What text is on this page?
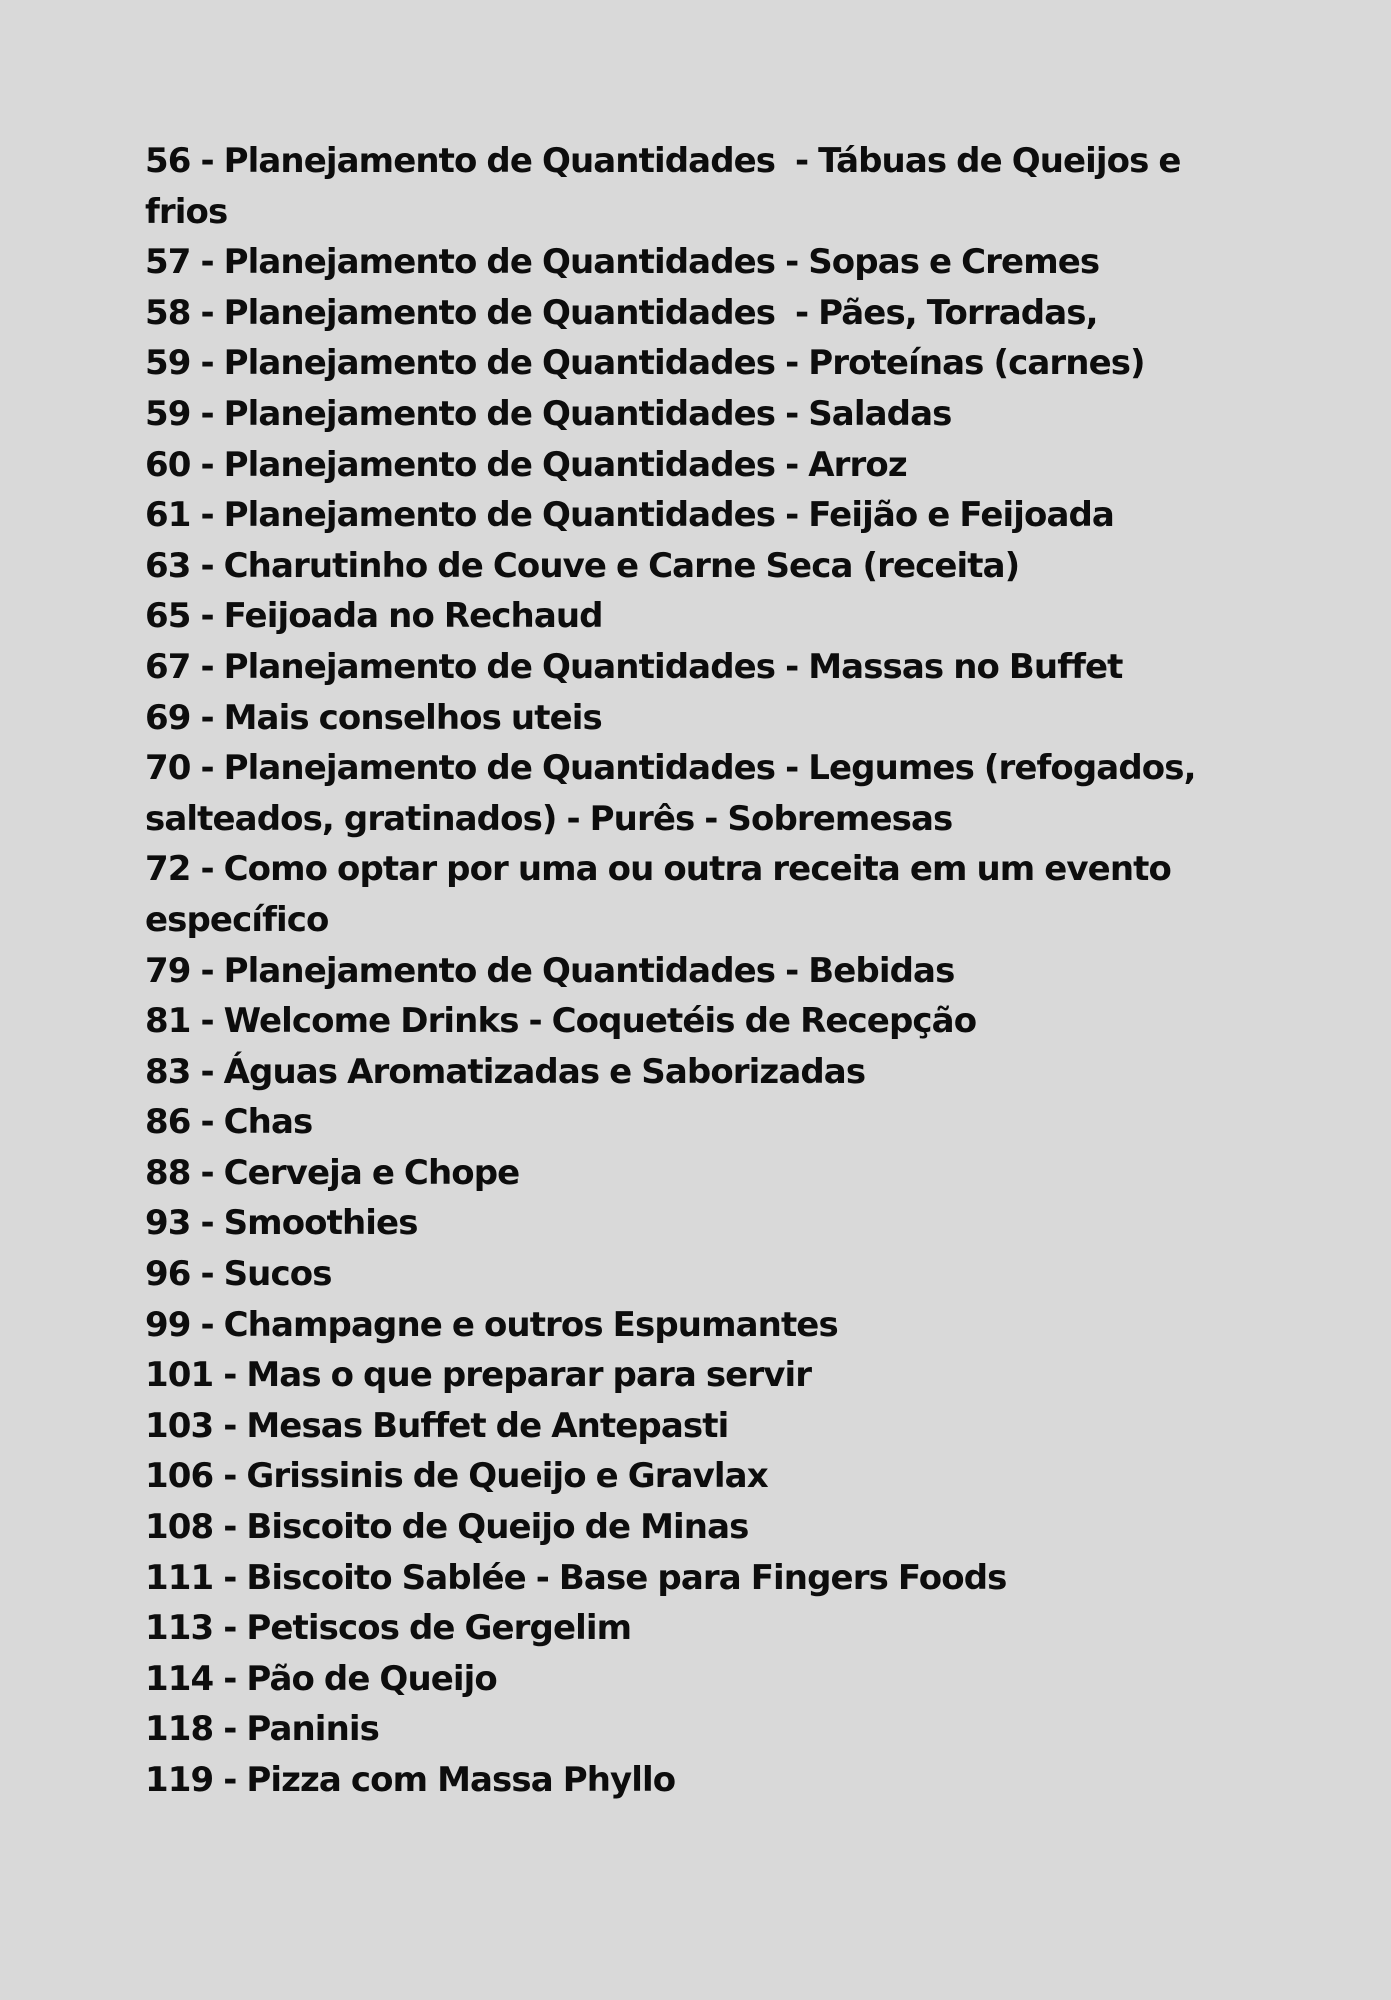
56 - Planejamento de Quantidades  - Tábuas de Queijos e
frios
57 - Planejamento de Quantidades - Sopas e Cremes
58 - Planejamento de Quantidades  - Pães, Torradas,
59 - Planejamento de Quantidades - Proteínas (carnes)
59 - Planejamento de Quantidades - Saladas
60 - Planejamento de Quantidades - Arroz
61 - Planejamento de Quantidades - Feijão e Feijoada
63 - Charutinho de Couve e Carne Seca (receita)
65 - Feijoada no Rechaud
67 - Planejamento de Quantidades - Massas no Buffet
69 - Mais conselhos uteis
70 - Planejamento de Quantidades - Legumes (refogados,
salteados, gratinados) - Purês - Sobremesas
72 - Como optar por uma ou outra receita em um evento
específico
79 - Planejamento de Quantidades - Bebidas
81 - Welcome Drinks - Coquetéis de Recepção
83 - Águas Aromatizadas e Saborizadas
86 - Chas
88 - Cerveja e Chope
93 - Smoothies
96 - Sucos
99 - Champagne e outros Espumantes
101 - Mas o que preparar para servir
103 - Mesas Buffet de Antepasti
106 - Grissinis de Queijo e Gravlax
108 - Biscoito de Queijo de Minas
111 - Biscoito Sablée - Base para Fingers Foods
113 - Petiscos de Gergelim
114 - Pão de Queijo
118 - Paninis
119 - Pizza com Massa Phyllo
